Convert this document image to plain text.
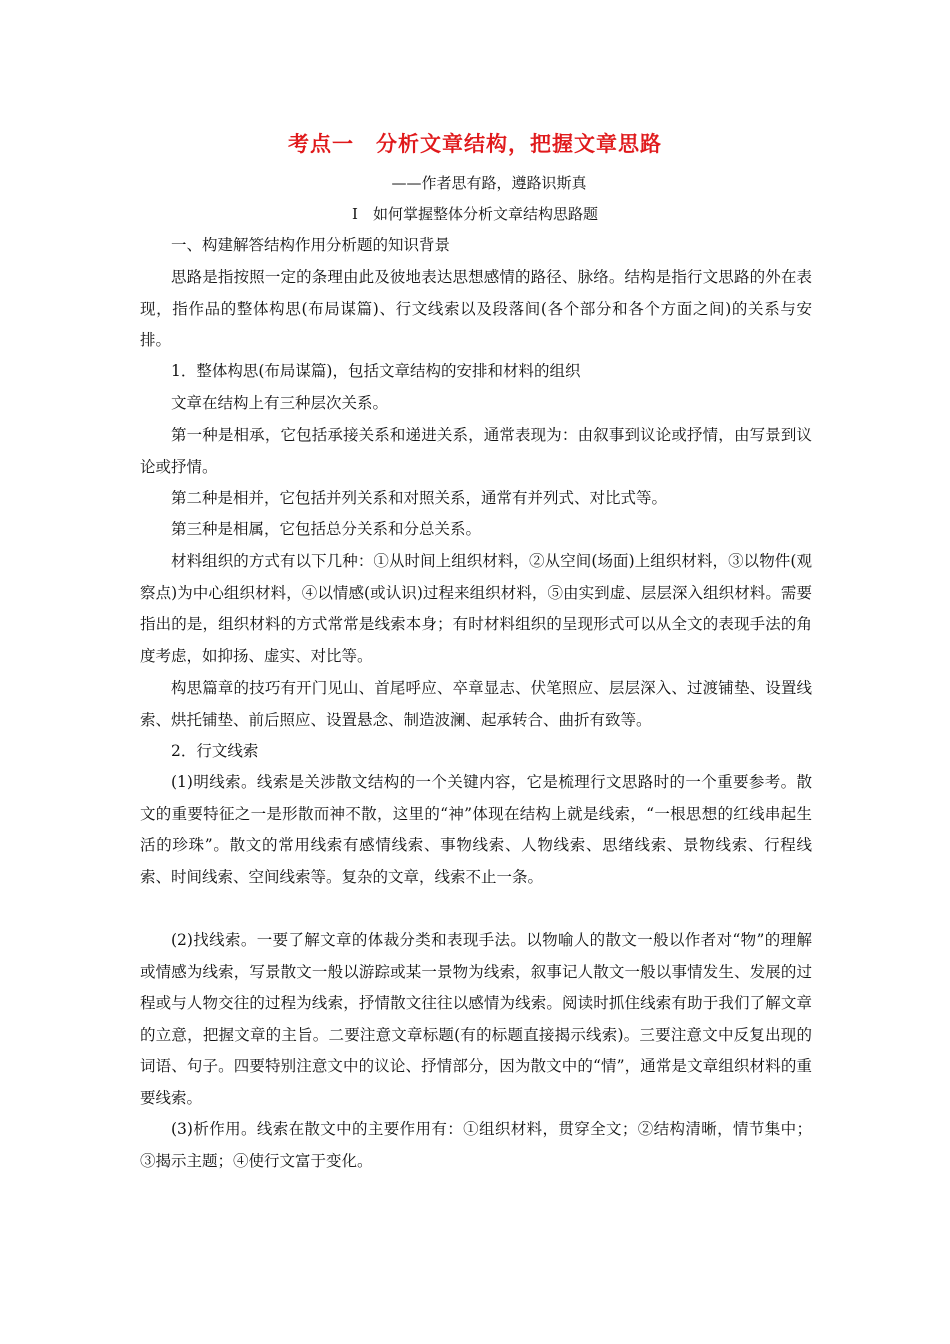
考点一　分析文章结构，把握文章思路
——作者思有路，遵路识斯真
Ⅰ　如何掌握整体分析文章结构思路题

一、构建解答结构作用分析题的知识背景

思路是指按照一定的条理由此及彼地表达思想感情的路径、脉络。结构是指行文思路的外在表现，指作品的整体构思(布局谋篇)、行文线索以及段落间(各个部分和各个方面之间)的关系与安排。

1．整体构思(布局谋篇)，包括文章结构的安排和材料的组织

文章在结构上有三种层次关系。

第一种是相承，它包括承接关系和递进关系，通常表现为：由叙事到议论或抒情，由写景到议论或抒情。

第二种是相并，它包括并列关系和对照关系，通常有并列式、对比式等。

第三种是相属，它包括总分关系和分总关系。

材料组织的方式有以下几种：①从时间上组织材料，②从空间(场面)上组织材料，③以物件(观察点)为中心组织材料，④以情感(或认识)过程来组织材料，⑤由实到虚、层层深入组织材料。需要指出的是，组织材料的方式常常是线索本身；有时材料组织的呈现形式可以从全文的表现手法的角度考虑，如抑扬、虚实、对比等。

构思篇章的技巧有开门见山、首尾呼应、卒章显志、伏笔照应、层层深入、过渡铺垫、设置线索、烘托铺垫、前后照应、设置悬念、制造波澜、起承转合、曲折有致等。

2．行文线索

(1)明线索。线索是关涉散文结构的一个关键内容，它是梳理行文思路时的一个重要参考。散文的重要特征之一是形散而神不散，这里的“神”体现在结构上就是线索，“一根思想的红线串起生活的珍珠”。散文的常用线索有感情线索、事物线索、人物线索、思绪线索、景物线索、行程线索、时间线索、空间线索等。复杂的文章，线索不止一条。

(2)找线索。一要了解文章的体裁分类和表现手法。以物喻人的散文一般以作者对“物”的理解或情感为线索，写景散文一般以游踪或某一景物为线索，叙事记人散文一般以事情发生、发展的过程或与人物交往的过程为线索，抒情散文往往以感情为线索。阅读时抓住线索有助于我们了解文章的立意，把握文章的主旨。二要注意文章标题(有的标题直接揭示线索)。三要注意文中反复出现的词语、句子。四要特别注意文中的议论、抒情部分，因为散文中的“情”，通常是文章组织材料的重要线索。

(3)析作用。线索在散文中的主要作用有：①组织材料，贯穿全文；②结构清晰，情节集中；③揭示主题；④使行文富于变化。
